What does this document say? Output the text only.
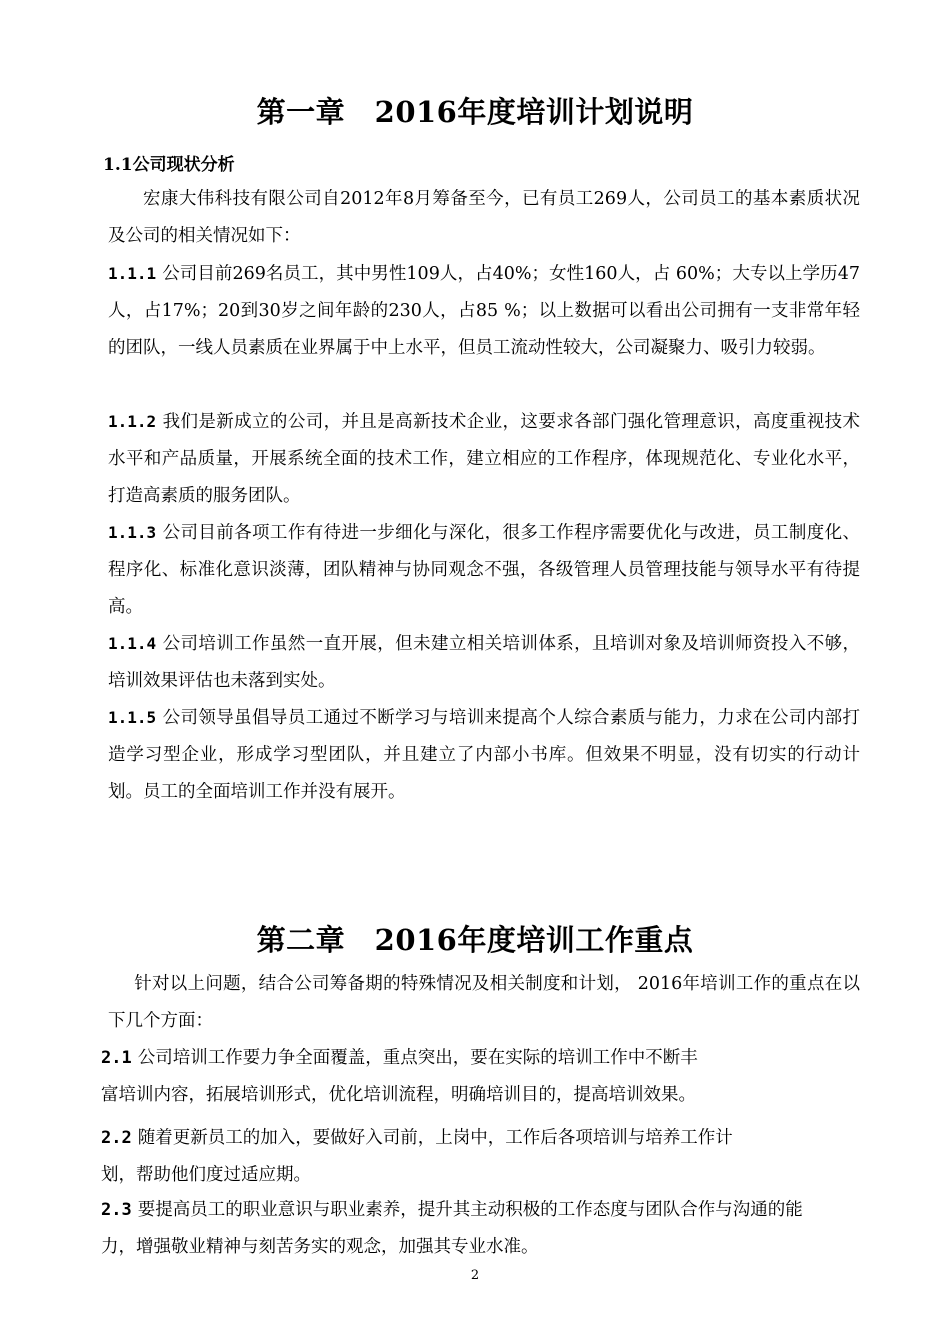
第一章　2016年度培训计划说明
1.1公司现状分析

宏康大伟科技有限公司自2012年8月筹备至今，已有员工269人，公司员工的基本素质状况及公司的相关情况如下：

1.1.1 公司目前269名员工，其中男性109人，占40%；女性160人，占 60%；大专以上学历47人，占17%；20到30岁之间年龄的230人，占85 %；以上数据可以看出公司拥有一支非常年轻的团队，一线人员素质在业界属于中上水平，但员工流动性较大，公司凝聚力、吸引力较弱。

1.1.2 我们是新成立的公司，并且是高新技术企业，这要求各部门强化管理意识，高度重视技术水平和产品质量，开展系统全面的技术工作，建立相应的工作程序，体现规范化、专业化水平，打造高素质的服务团队。

1.1.3 公司目前各项工作有待进一步细化与深化，很多工作程序需要优化与改进，员工制度化、程序化、标准化意识淡薄，团队精神与协同观念不强，各级管理人员管理技能与领导水平有待提高。

1.1.4 公司培训工作虽然一直开展，但未建立相关培训体系，且培训对象及培训师资投入不够，培训效果评估也未落到实处。

1.1.5 公司领导虽倡导员工通过不断学习与培训来提高个人综合素质与能力，力求在公司内部打造学习型企业，形成学习型团队，并且建立了内部小书库。但效果不明显，没有切实的行动计划。员工的全面培训工作并没有展开。

第二章　2016年度培训工作重点

针对以上问题，结合公司筹备期的特殊情况及相关制度和计划， 2016年培训工作的重点在以下几个方面：

2.1 公司培训工作要力争全面覆盖，重点突出，要在实际的培训工作中不断丰
富培训内容，拓展培训形式，优化培训流程，明确培训目的，提高培训效果。
2.2 随着更新员工的加入，要做好入司前，上岗中，工作后各项培训与培养工作计
划，帮助他们度过适应期。
2.3 要提高员工的职业意识与职业素养，提升其主动积极的工作态度与团队合作与沟通的能
力，增强敬业精神与刻苦务实的观念，加强其专业水准。
2
